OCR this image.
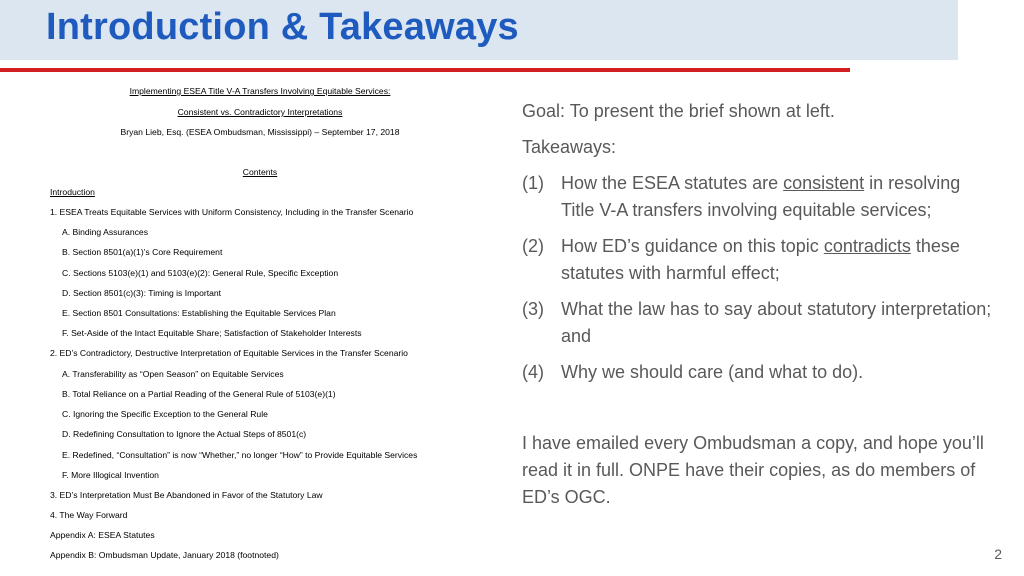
Introduction & Takeaways
Implementing ESEA Title V-A Transfers Involving Equitable Services:
Consistent vs. Contradictory Interpretations
Bryan Lieb, Esq. (ESEA Ombudsman, Mississippi) – September 17, 2018
Contents
Introduction
1. ESEA Treats Equitable Services with Uniform Consistency, Including in the Transfer Scenario
A. Binding Assurances
B. Section 8501(a)(1)’s Core Requirement
C. Sections 5103(e)(1) and 5103(e)(2): General Rule, Specific Exception
D. Section 8501(c)(3): Timing is Important
E. Section 8501 Consultations: Establishing the Equitable Services Plan
F. Set-Aside of the Intact Equitable Share; Satisfaction of Stakeholder Interests
2. ED’s Contradictory, Destructive Interpretation of Equitable Services in the Transfer Scenario
A. Transferability as “Open Season” on Equitable Services
B. Total Reliance on a Partial Reading of the General Rule of 5103(e)(1)
C. Ignoring the Specific Exception to the General Rule
D. Redefining Consultation to Ignore the Actual Steps of 8501(c)
E. Redefined, “Consultation” is now “Whether,” no longer “How” to Provide Equitable Services
F. More Illogical Invention
3. ED’s Interpretation Must Be Abandoned in Favor of the Statutory Law
4. The Way Forward
Appendix A: ESEA Statutes
Appendix B: Ombudsman Update, January 2018 (footnoted)

Goal: To present the brief shown at left.

Takeaways:

(1) How the ESEA statutes are consistent in resolving Title V-A transfers involving equitable services;
(2) How ED’s guidance on this topic contradicts these statutes with harmful effect;
(3) What the law has to say about statutory interpretation; and
(4) Why we should care (and what to do).

I have emailed every Ombudsman a copy, and hope you’ll read it in full. ONPE have their copies, as do members of ED’s OGC.

2
